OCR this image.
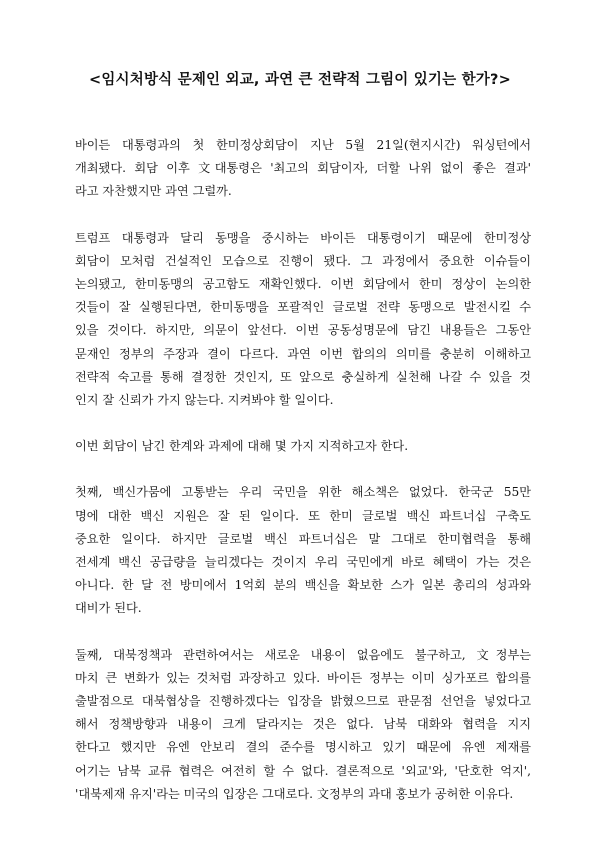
<임시처방식 문제인 외교, 과연 큰 전략적 그림이 있기는 한가?>
바이든 대통령과의 첫 한미정상회담이 지난 5월 21일(현지시간) 워싱턴에서
개최됐다. 회담 이후 文대통령은 '최고의 회담이자, 더할 나위 없이 좋은 결과'
라고 자찬했지만 과연 그럴까.
트럼프 대통령과 달리 동맹을 중시하는 바이든 대통령이기 때문에 한미정상
회담이 모처럼 건설적인 모습으로 진행이 됐다. 그 과정에서 중요한 이슈들이
논의됐고, 한미동맹의 공고함도 재확인했다. 이번 회담에서 한미 정상이 논의한
것들이 잘 실행된다면, 한미동맹을 포괄적인 글로벌 전략 동맹으로 발전시킬 수
있을 것이다. 하지만, 의문이 앞선다. 이번 공동성명문에 담긴 내용들은 그동안
문재인 정부의 주장과 결이 다르다. 과연 이번 합의의 의미를 충분히 이해하고
전략적 숙고를 통해 결정한 것인지, 또 앞으로 충실하게 실천해 나갈 수 있을 것
인지 잘 신뢰가 가지 않는다. 지켜봐야 할 일이다.
이번 회담이 남긴 한계와 과제에 대해 몇 가지 지적하고자 한다.
첫째, 백신가뭄에 고통받는 우리 국민을 위한 해소책은 없었다. 한국군 55만
명에 대한 백신 지원은 잘 된 일이다. 또 한미 글로벌 백신 파트너십 구축도
중요한 일이다. 하지만 글로벌 백신 파트너십은 말 그대로 한미협력을 통해
전세계 백신 공급량을 늘리겠다는 것이지 우리 국민에게 바로 혜택이 가는 것은
아니다. 한 달 전 방미에서 1억회 분의 백신을 확보한 스가 일본 총리의 성과와
대비가 된다.
둘째, 대북정책과 관련하여서는 새로운 내용이 없음에도 불구하고, 文정부는
마치 큰 변화가 있는 것처럼 과장하고 있다. 바이든 정부는 이미 싱가포르 합의를
출발점으로 대북협상을 진행하겠다는 입장을 밝혔으므로 판문점 선언을 넣었다고
해서 정책방향과 내용이 크게 달라지는 것은 없다. 남북 대화와 협력을 지지
한다고 했지만 유엔 안보리 결의 준수를 명시하고 있기 때문에 유엔 제재를
어기는 남북 교류 협력은 여전히 할 수 없다. 결론적으로 '외교'와, '단호한 억지',
'대북제재 유지'라는 미국의 입장은 그대로다. 文정부의 과대 홍보가 공허한 이유다.
